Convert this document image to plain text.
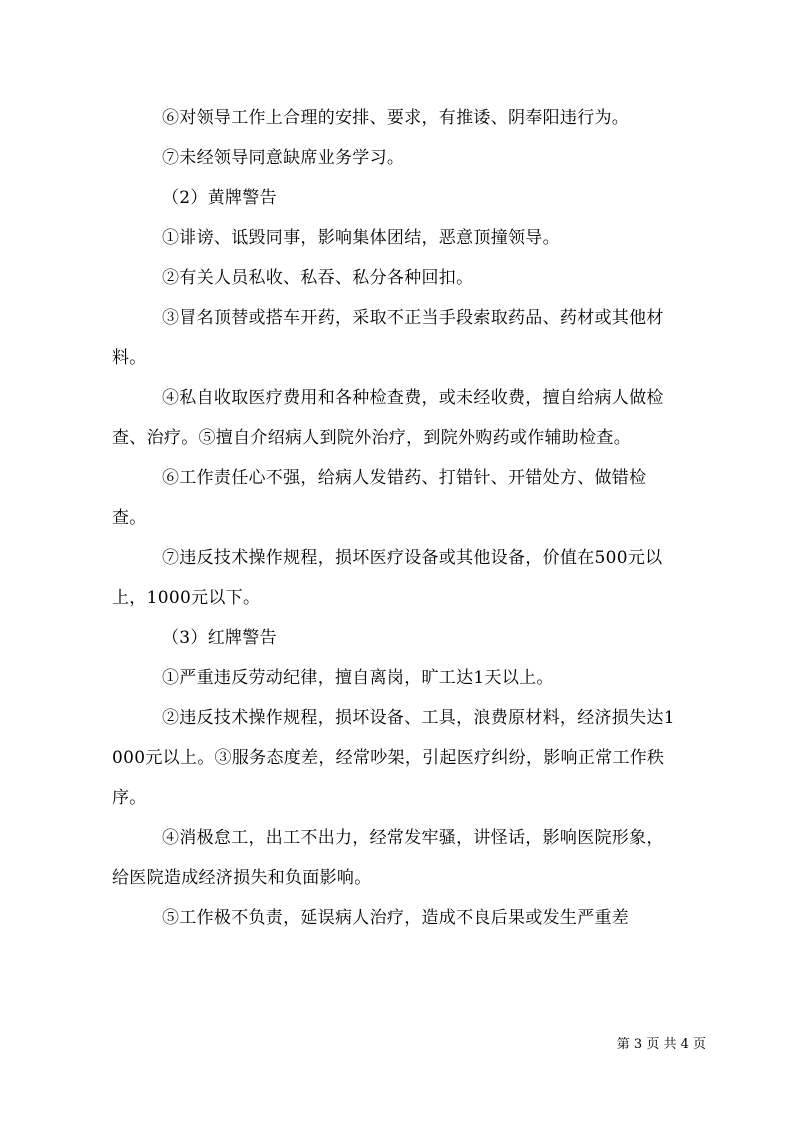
⑥对领导工作上合理的安排、要求，有推诿、阴奉阳违行为。

⑦未经领导同意缺席业务学习。

（2）黄牌警告

①诽谤、诋毁同事，影响集体团结，恶意顶撞领导。

②有关人员私收、私吞、私分各种回扣。

③冒名顶替或搭车开药，采取不正当手段索取药品、药材或其他材料。

④私自收取医疗费用和各种检查费，或未经收费，擅自给病人做检查、治疗。⑤擅自介绍病人到院外治疗，到院外购药或作辅助检查。

⑥工作责任心不强，给病人发错药、打错针、开错处方、做错检查。

⑦违反技术操作规程，损坏医疗设备或其他设备，价值在500元以上，1000元以下。

（3）红牌警告

①严重违反劳动纪律，擅自离岗，旷工达1天以上。

②违反技术操作规程，损坏设备、工具，浪费原材料，经济损失达1000元以上。③服务态度差，经常吵架，引起医疗纠纷，影响正常工作秩序。

④消极怠工，出工不出力，经常发牢骚，讲怪话，影响医院形象，给医院造成经济损失和负面影响。

⑤工作极不负责，延误病人治疗，造成不良后果或发生严重差

第 3 页 共 4 页
